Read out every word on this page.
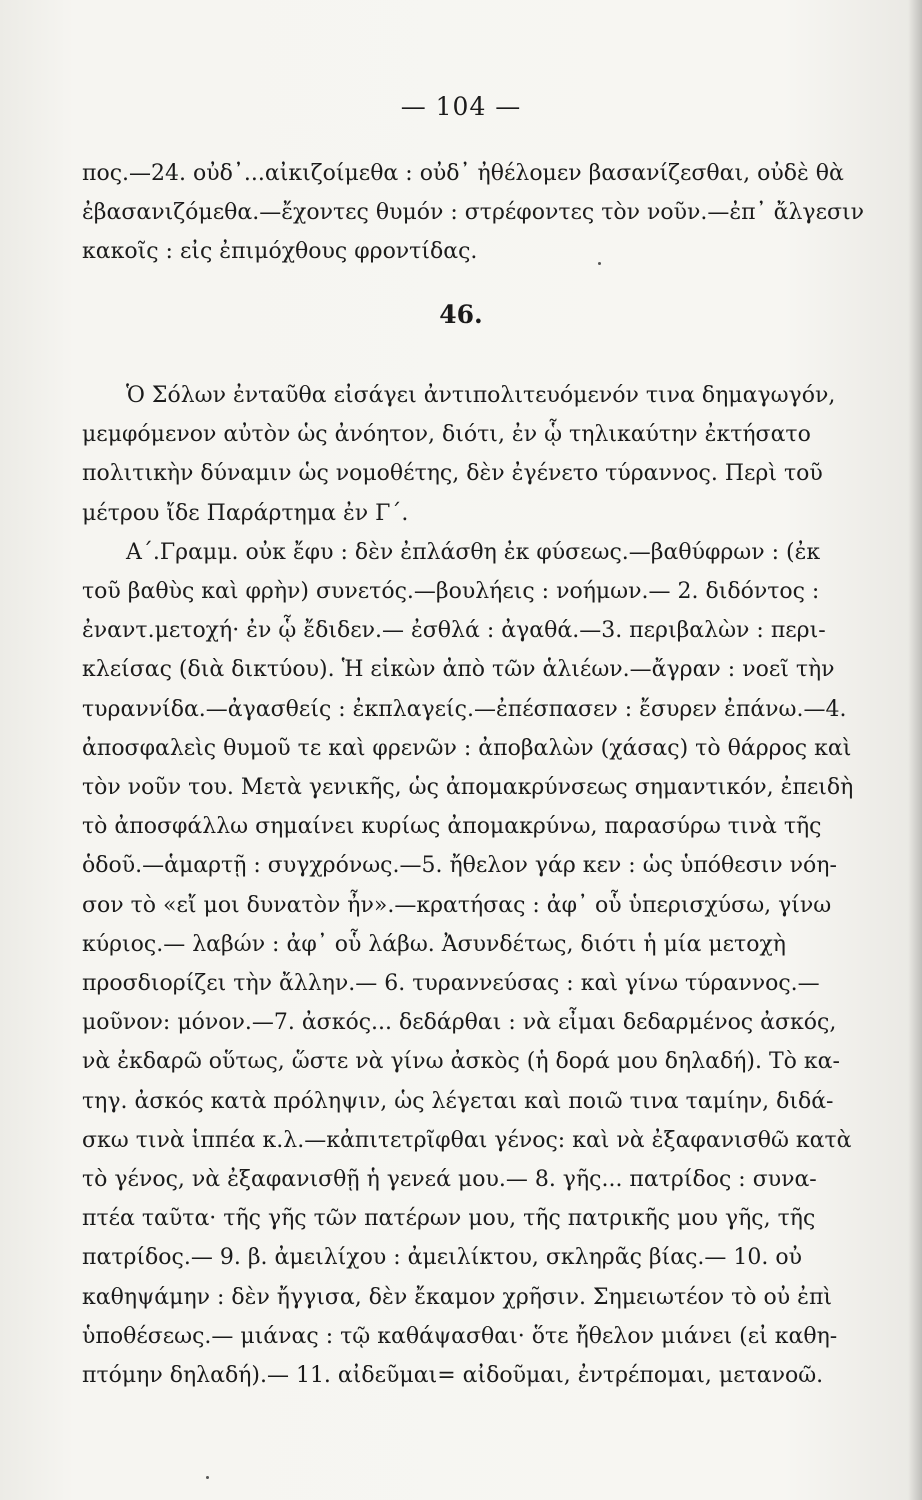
— 104 —

πος.—24. οὐδ᾽...αἰκιζοίμεθα : οὐδ᾽ ἠθέλομεν βασανίζεσθαι, οὐδὲ θὰ

ἐβασανιζόμεθα.—ἔχοντες θυμόν : στρέφοντες τὸν νοῦν.—ἐπ᾽ ἄλγεσιν

κακοῖς : εἰς ἐπιμόχθους φροντίδας.

46.

Ὁ Σόλων ἐνταῦθα εἰσάγει ἀντιπολιτευόμενόν τινα δημαγωγόν,

μεμφόμενον αὐτὸν ὡς ἀνόητον, διότι, ἐν ᾧ τηλικαύτην ἐκτήσατο

πολιτικὴν δύναμιν ὡς νομοθέτης, δὲν ἐγένετο τύραννος. Περὶ τοῦ

μέτρου ἴδε Παράρτημα ἐν Γ΄.

Α΄.Γραμμ. οὐκ ἔφυ : δὲν ἐπλάσθη ἐκ φύσεως.—βαθύφρων : (ἐκ

τοῦ βαθὺς καὶ φρὴν) συνετός.—βουλήεις : νοήμων.— 2. διδόντος :

ἐναντ.μετοχή· ἐν ᾧ ἔδιδεν.— ἐσθλά : ἀγαθά.—3. περιβαλὼν : περι-

κλείσας (διὰ δικτύου). Ἡ εἰκὼν ἀπὸ τῶν ἁλιέων.—ἄγραν : νοεῖ τὴν

τυραννίδα.—ἀγασθείς : ἐκπλαγείς.—ἐπέσπασεν : ἔσυρεν ἐπάνω.—4.

ἀποσφαλεὶς θυμοῦ τε καὶ φρενῶν : ἀποβαλὼν (χάσας) τὸ θάρρος καὶ

τὸν νοῦν του. Μετὰ γενικῆς, ὡς ἀπομακρύνσεως σημαντικόν, ἐπειδὴ

τὸ ἀποσφάλλω σημαίνει κυρίως ἀπομακρύνω, παρασύρω τινὰ τῆς

ὁδοῦ.—ἁμαρτῇ : συγχρόνως.—5. ἤθελον γάρ κεν : ὡς ὑπόθεσιν νόη-

σον τὸ «εἴ μοι δυνατὸν ἦν».—κρατήσας : ἀφ᾽ οὗ ὑπερισχύσω, γίνω

κύριος.— λαβών : ἀφ᾽ οὗ λάβω. Ἀσυνδέτως, διότι ἡ μία μετοχὴ

προσδιορίζει τὴν ἄλλην.— 6. τυραννεύσας : καὶ γίνω τύραννος.—

μοῦνον: μόνον.—7. ἀσκός... δεδάρθαι : νὰ εἶμαι δεδαρμένος ἀσκός,

νὰ ἐκδαρῶ οὕτως, ὥστε νὰ γίνω ἀσκὸς (ἡ δορά μου δηλαδή). Τὸ κα-

τηγ. ἀσκός κατὰ πρόληψιν, ὡς λέγεται καὶ ποιῶ τινα ταμίην, διδά-

σκω τινὰ ἱππέα κ.λ.—κἀπιτετρῖφθαι γένος: καὶ νὰ ἐξαφανισθῶ κατὰ

τὸ γένος, νὰ ἐξαφανισθῇ ἡ γενεά μου.— 8. γῆς... πατρίδος : συνα-

πτέα ταῦτα· τῆς γῆς τῶν πατέρων μου, τῆς πατρικῆς μου γῆς, τῆς

πατρίδος.— 9. β. ἀμειλίχου : ἀμειλίκτου, σκληρᾶς βίας.— 10. οὐ

καθηψάμην : δὲν ἤγγισα, δὲν ἔκαμον χρῆσιν. Σημειωτέον τὸ οὐ ἐπὶ

ὑποθέσεως.— μιάνας : τῷ καθάψασθαι· ὅτε ἤθελον μιάνει (εἰ καθη-

πτόμην δηλαδή).— 11. αἰδεῦμαι= αἰδοῦμαι, ἐντρέπομαι, μετανοῶ.
